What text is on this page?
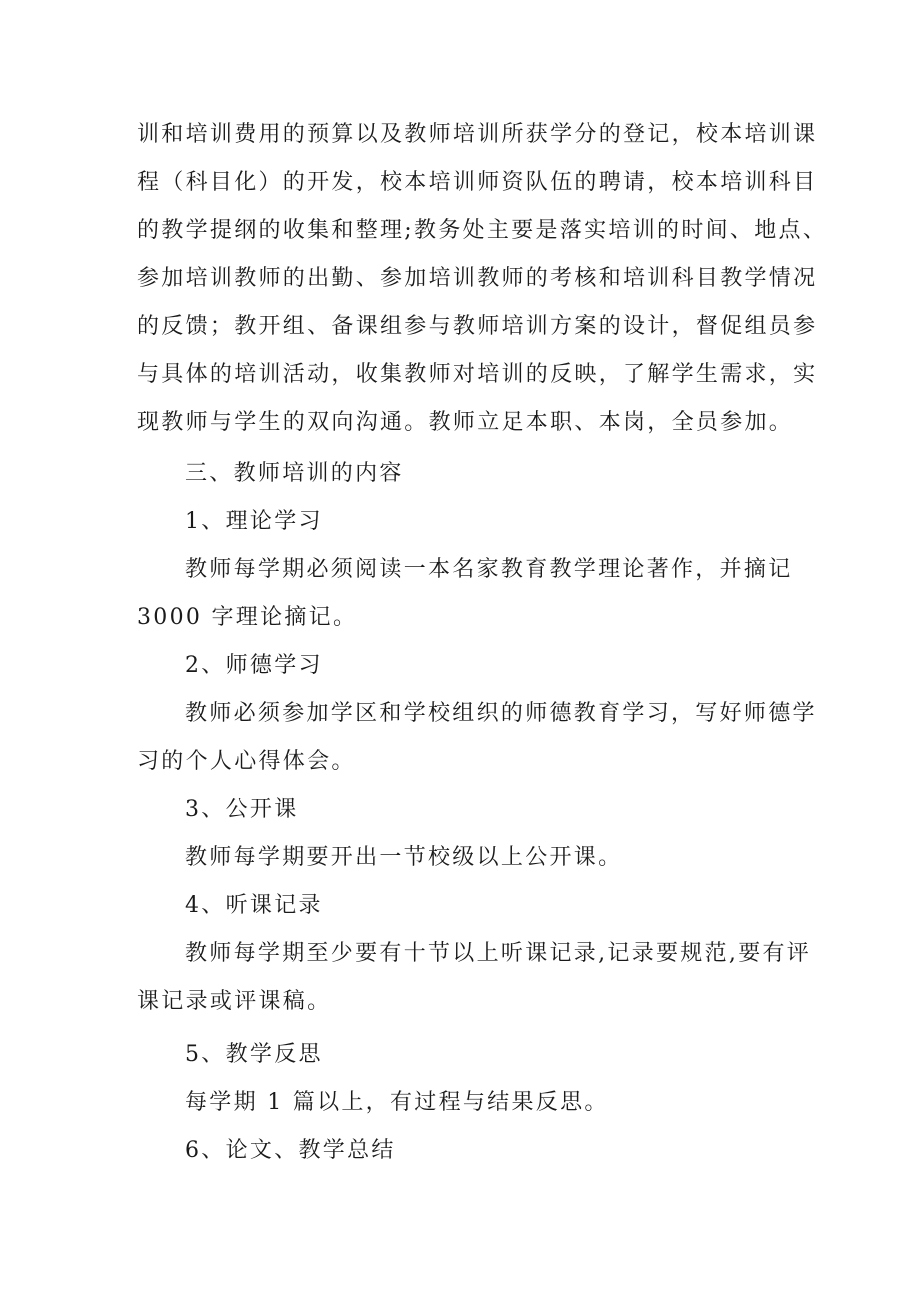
训和培训费用的预算以及教师培训所获学分的登记，校本培训课

程（科目化）的开发，校本培训师资队伍的聘请，校本培训科目

的教学提纲的收集和整理;教务处主要是落实培训的时间、地点、

参加培训教师的出勤、参加培训教师的考核和培训科目教学情况

的反馈；教开组、备课组参与教师培训方案的设计，督促组员参

与具体的培训活动，收集教师对培训的反映，了解学生需求，实

现教师与学生的双向沟通。教师立足本职、本岗，全员参加。

三、教师培训的内容

1、理论学习

教师每学期必须阅读一本名家教育教学理论著作，并摘记

3000 字理论摘记。

2、师德学习

教师必须参加学区和学校组织的师德教育学习，写好师德学

习的个人心得体会。

3、公开课

教师每学期要开出一节校级以上公开课。

4、听课记录

教师每学期至少要有十节以上听课记录,记录要规范,要有评

课记录或评课稿。

5、教学反思

每学期 1 篇以上，有过程与结果反思。

6、论文、教学总结
